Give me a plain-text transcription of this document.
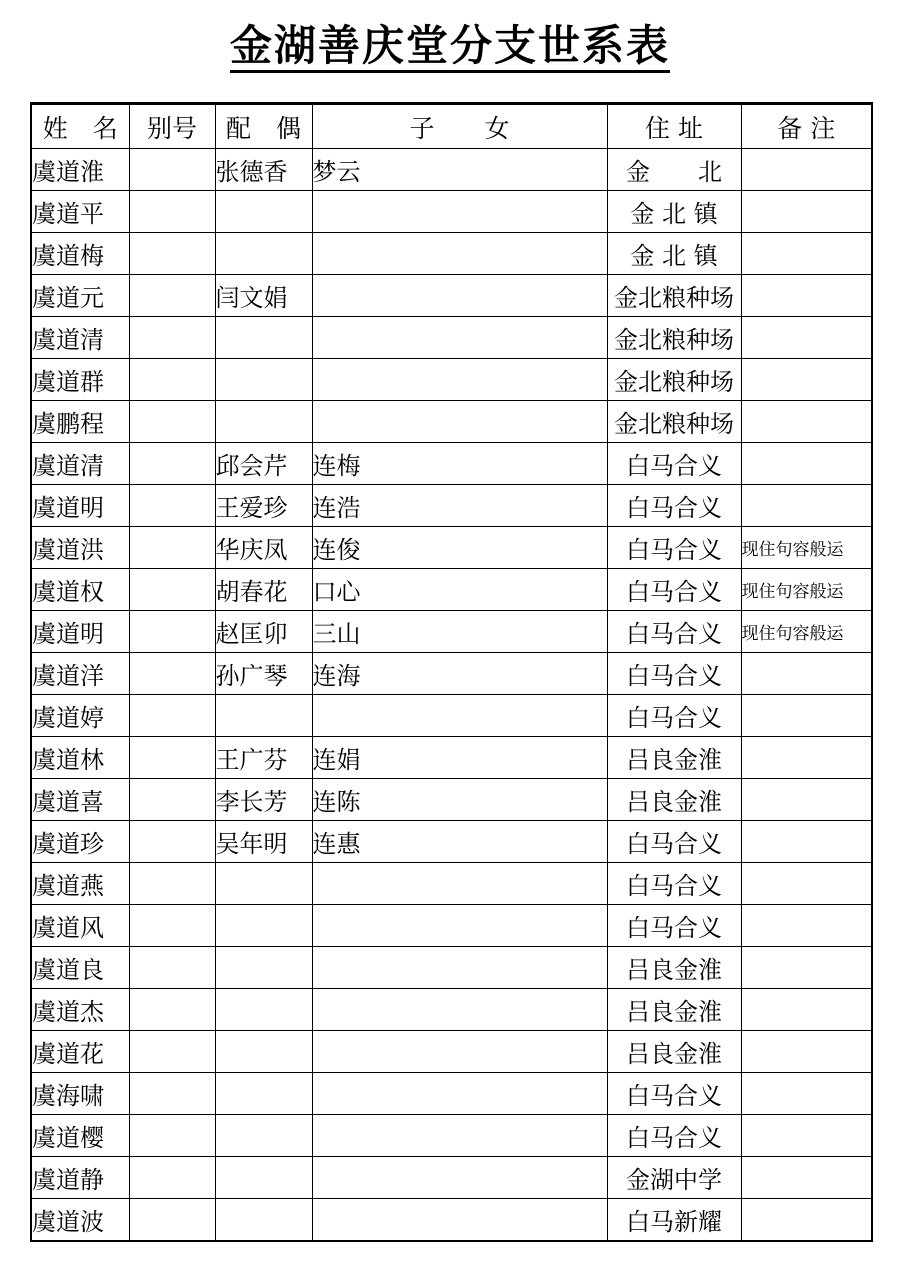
金湖善庆堂分支世系表
姓　名	别号	配　偶	子　　女	住 址	备 注
虞道淮		张德香	梦云	金　　北	
虞道平				金 北 镇	
虞道梅				金 北 镇	
虞道元		闫文娟		金北粮种场	
虞道清				金北粮种场	
虞道群				金北粮种场	
虞鹏程				金北粮种场	
虞道清		邱会芹	连梅	白马合义	
虞道明		王爱珍	连浩	白马合义	
虞道洪		华庆凤	连俊	白马合义	现住句容般运
虞道权		胡春花	口心	白马合义	现住句容般运
虞道明		赵匡卯	三山	白马合义	现住句容般运
虞道洋		孙广琴	连海	白马合义	
虞道婷				白马合义	
虞道林		王广芬	连娟	吕良金淮	
虞道喜		李长芳	连陈	吕良金淮	
虞道珍		吴年明	连惠	白马合义	
虞道燕				白马合义	
虞道风				白马合义	
虞道良				吕良金淮	
虞道杰				吕良金淮	
虞道花				吕良金淮	
虞海啸				白马合义	
虞道樱				白马合义	
虞道静				金湖中学	
虞道波				白马新耀	
